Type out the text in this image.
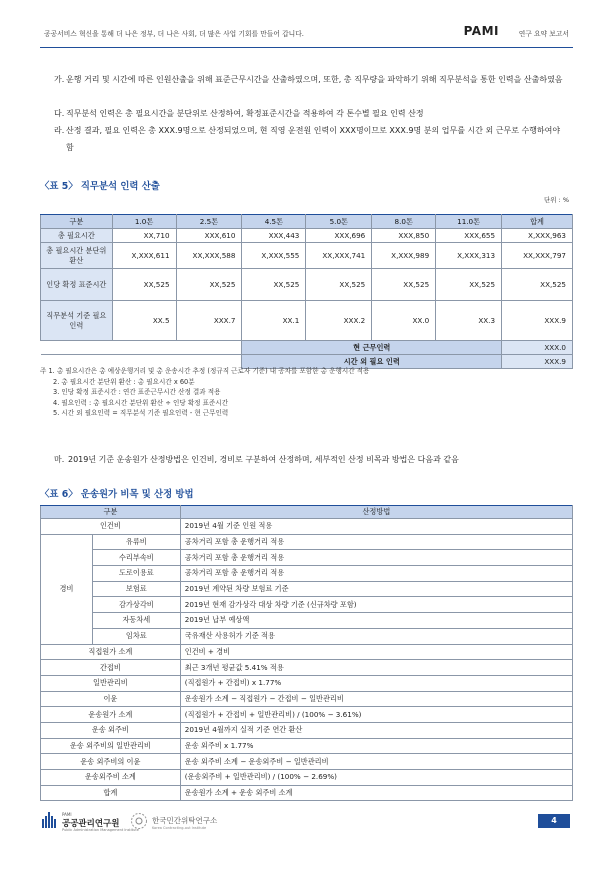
공공서비스 혁신을 통해 더 나은 정부, 더 나은 사회, 더 많은 사업 기회를 만들어 갑니다.	PAMI	연구 요약 보고서
가. 운행 거리 및 시간에 따른 인원산출을 위해 표준근무시간을 산출하였으며, 또한, 총 직무량을 파악하기 위해 직무분석을 통한 인력을 산출하였음
다. 직무분석 인력은 총 필요시간을 분단위로 산정하여, 확정표준시간을 적용하여 각 톤수별 필요 인력 산정
라. 산정 결과, 필요 인력은 총 XXX.9명으로 산정되었으며, 현 직영 운전원 인력이 XXX명이므로 XXX.9명 분의 업무를 시간 외 근무로 수행하여야 함
〈표 5〉 직무분석 인력 산출
단위 : %
구분	1.0톤	2.5톤	4.5톤	5.0톤	8.0톤	11.0톤	합계
총 필요시간	XX,710	XXX,610	XXX,443	XXX,696	XXX,850	XXX,655	X,XXX,963
총 필요시간 분단위 환산	X,XXX,611	XX,XXX,588	X,XXX,555	XX,XXX,741	X,XXX,989	X,XXX,313	XX,XXX,797
인당 확정 표준시간	XX,525	XX,525	XX,525	XX,525	XX,525	XX,525	XX,525
직무분석 기준 필요 인력	XX.5	XXX.7	XX.1	XXX.2	XX.0	XX.3	XXX.9
			현 근무인력				XXX.0
			시간 외 필요 인력				XXX.9
주 1. 총 필요시간은 총 예상운행거리 및 총 운송시간 추정 (정규직 근로자 기준) 내 공차를 포함한 총 운행시간 적용
2. 총 필요시간 분단위 환산 : 총 필요시간 x 60분
3. 인당 확정 표준시간 : 연간 표준근무시간 산정 결과 적용
4. 필요인력 : 총 필요시간 분단위 환산 ÷ 인당 확정 표준시간
5. 시간 외 필요인력 = 직무분석 기준 필요인력 - 현 근무인력
마. 2019년 기준 운송원가 산정방법은 인건비, 경비로 구분하여 산정하며, 세부적인 산정 비목과 방법은 다음과 같음
〈표 6〉 운송원가 비목 및 산정 방법
구분		산정방법
인건비		2019년 4월 기준 인원 적용
경비	유류비	공차거리 포함 총 운행거리 적용
	수리부속비	공차거리 포함 총 운행거리 적용
	도로이용료	공차거리 포함 총 운행거리 적용
	보험료	2019년 계약된 차량 보험료 기준
	감가상각비	2019년 현재 감가상각 대상 차량 기준 (신규차량 포함)
	자동차세	2019년 납부 예상액
	임차료	국유재산 사용허가 기준 적용
직접원가 소계		인건비 + 경비
간접비		최근 3개년 평균값 5.41% 적용
일반관리비		(직접원가 + 간접비) x 1.77%
이윤		운송원가 소계 − 직접원가 − 간접비 − 일반관리비
운송원가 소계		(직접원가 + 간접비 + 일반관리비) / (100% − 3.61%)
운송 외주비		2019년 4월까지 실적 기준 연간 환산
운송 외주비의 일반관리비		운송 외주비 x 1.77%
운송 외주비의 이윤		운송 외주비 소계 − 운송외주비 − 일반관리비
운송외주비 소계		(운송외주비 + 일반관리비) / (100% − 2.69%)
합계		운송원가 소계 + 운송 외주비 소계
PAMI
공공관리연구원
Public Administration Management Institute
한국민간위탁연구소
Korea Contracting-out Institute
4
